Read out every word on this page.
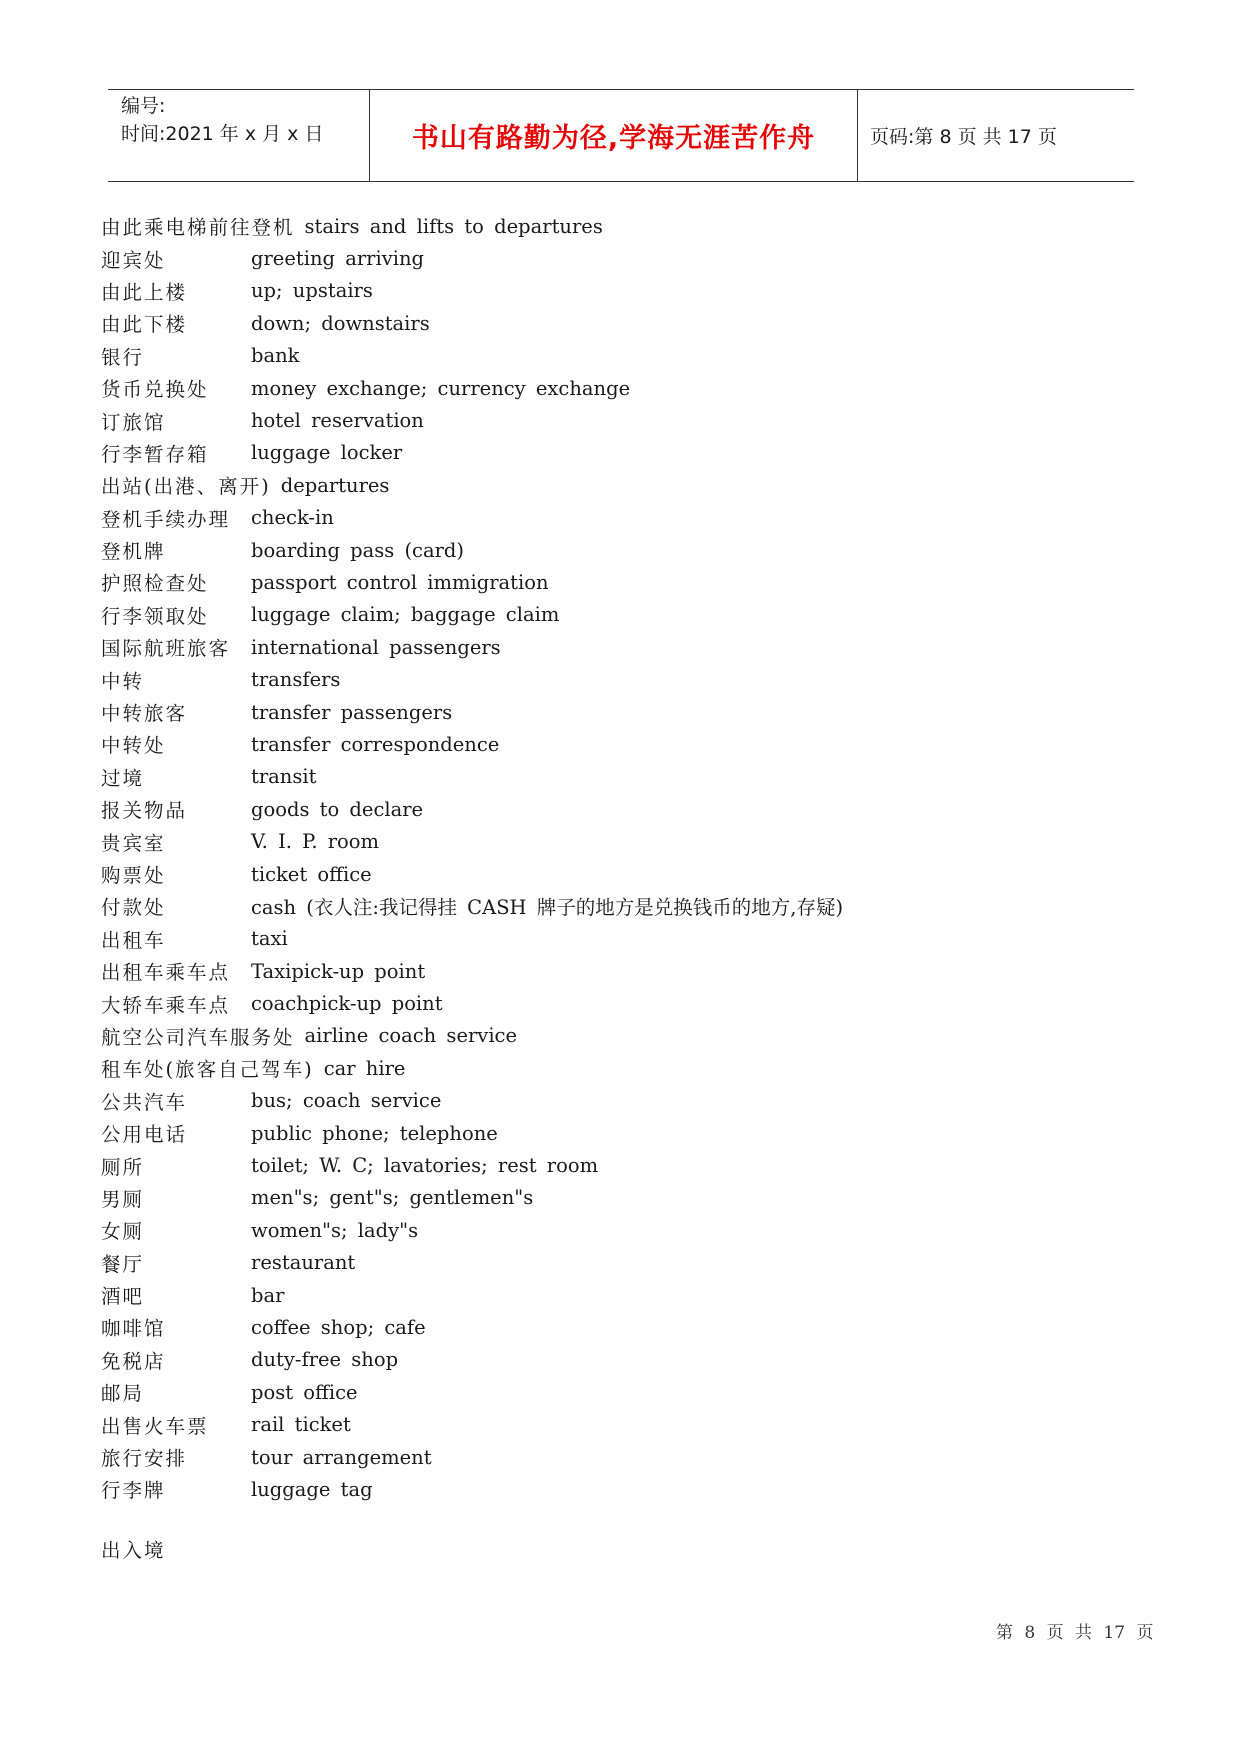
编号:
时间:2021 年 x 月 x 日	书山有路勤为径,学海无涯苦作舟	页码:第 8 页 共 17 页
由此乘电梯前往登机 stairs and lifts to departures
迎宾处	greeting arriving
由此上楼	up; upstairs
由此下楼	down; downstairs
银行	bank
货币兑换处	money exchange; currency exchange
订旅馆	hotel reservation
行李暂存箱	luggage locker
出站(出港、离开) departures
登机手续办理	check-in
登机牌	boarding pass (card)
护照检查处	passport control immigration
行李领取处	luggage claim; baggage claim
国际航班旅客	international passengers
中转	transfers
中转旅客	transfer passengers
中转处	transfer correspondence
过境	transit
报关物品	goods to declare
贵宾室	V. I. P. room
购票处	ticket office
付款处	cash (衣人注:我记得挂 CASH 牌子的地方是兑换钱币的地方,存疑)
出租车	taxi
出租车乘车点	Taxipick-up point
大轿车乘车点	coachpick-up point
航空公司汽车服务处 airline coach service
租车处(旅客自己驾车) car hire
公共汽车	bus; coach service
公用电话	public phone; telephone
厕所	toilet; W. C; lavatories; rest room
男厕	men"s; gent"s; gentlemen"s
女厕	women"s; lady"s
餐厅	restaurant
酒吧	bar
咖啡馆	coffee shop; cafe
免税店	duty-free shop
邮局	post office
出售火车票	rail ticket
旅行安排	tour arrangement
行李牌	luggage tag
出入境
第 8 页 共 17 页
